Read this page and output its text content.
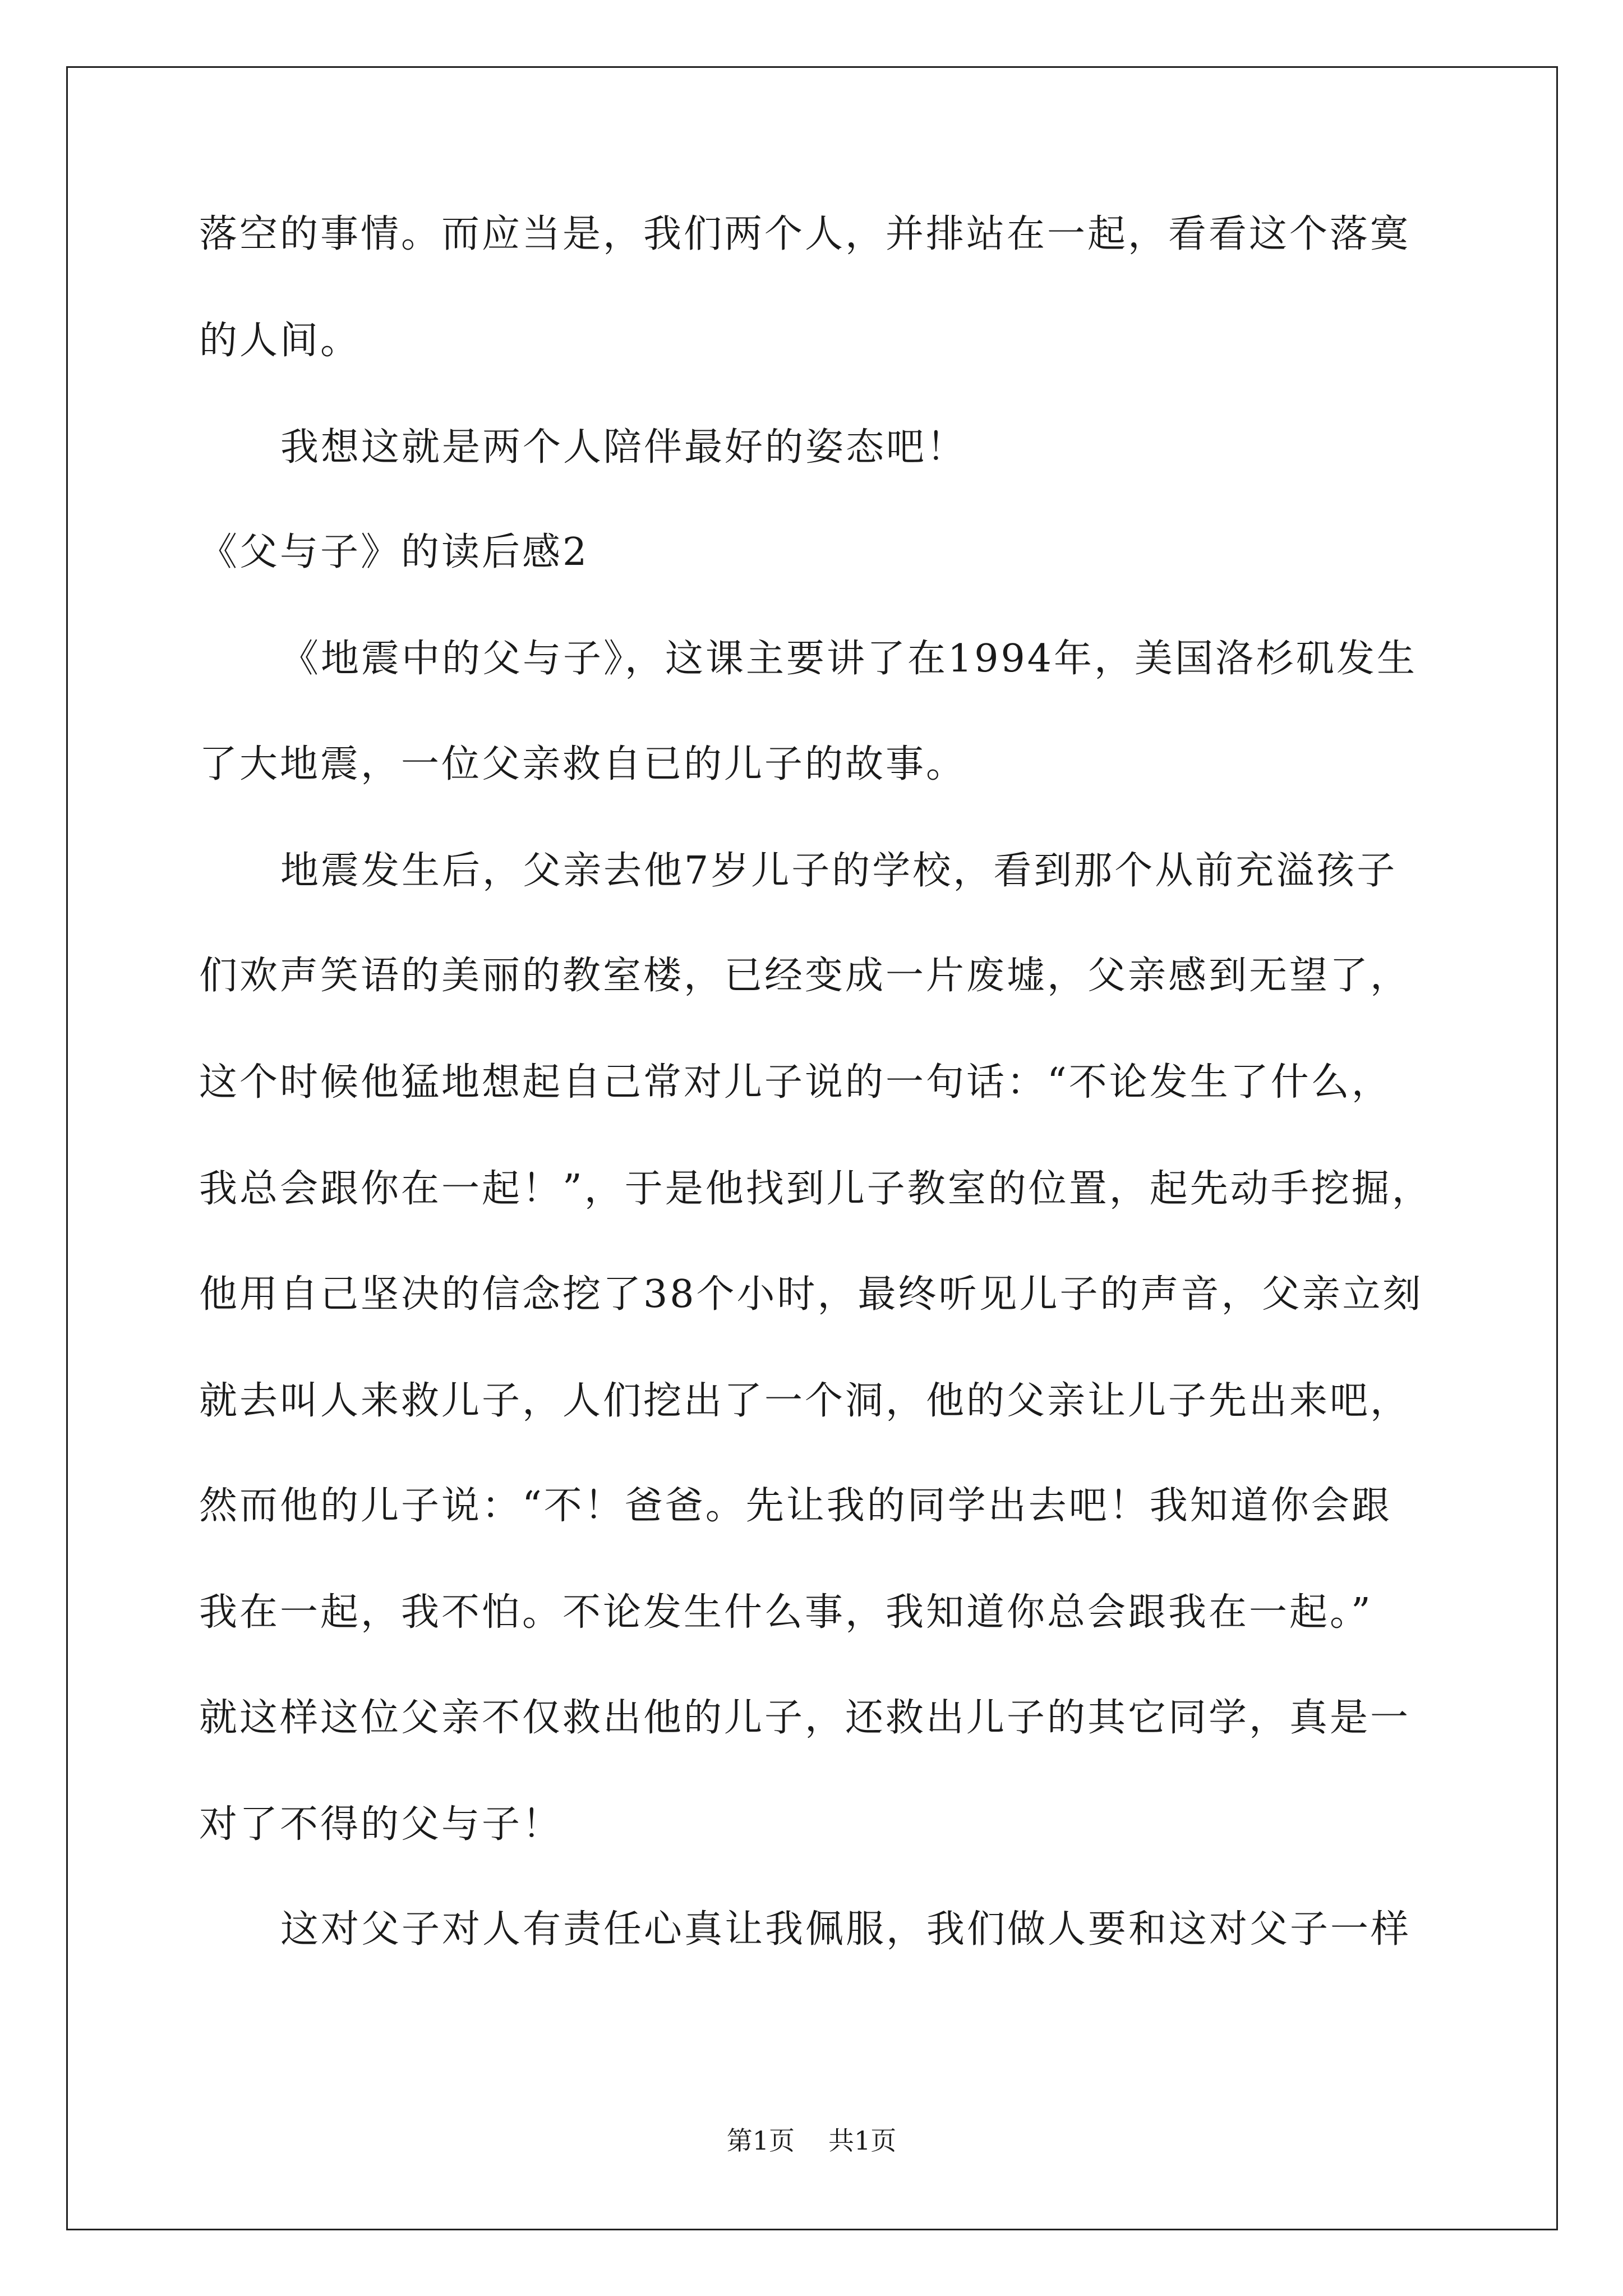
落空的事情。而应当是，我们两个人，并排站在一起，看看这个落寞
的人间。
我想这就是两个人陪伴最好的姿态吧！
《父与子》的读后感2
《地震中的父与子》，这课主要讲了在1994年，美国洛杉矶发生
了大地震，一位父亲救自已的儿子的故事。
地震发生后，父亲去他7岁儿子的学校，看到那个从前充溢孩子
们欢声笑语的美丽的教室楼，已经变成一片废墟，父亲感到无望了，
这个时候他猛地想起自己常对儿子说的一句话：“不论发生了什么，
我总会跟你在一起！”，于是他找到儿子教室的位置，起先动手挖掘，
他用自己坚决的信念挖了38个小时，最终听见儿子的声音，父亲立刻
就去叫人来救儿子，人们挖出了一个洞，他的父亲让儿子先出来吧，
然而他的儿子说：“不！爸爸。先让我的同学出去吧！我知道你会跟
我在一起，我不怕。不论发生什么事，我知道你总会跟我在一起。”
就这样这位父亲不仅救出他的儿子，还救出儿子的其它同学，真是一
对了不得的父与子！
这对父子对人有责任心真让我佩服，我们做人要和这对父子一样
第1页 共1页
